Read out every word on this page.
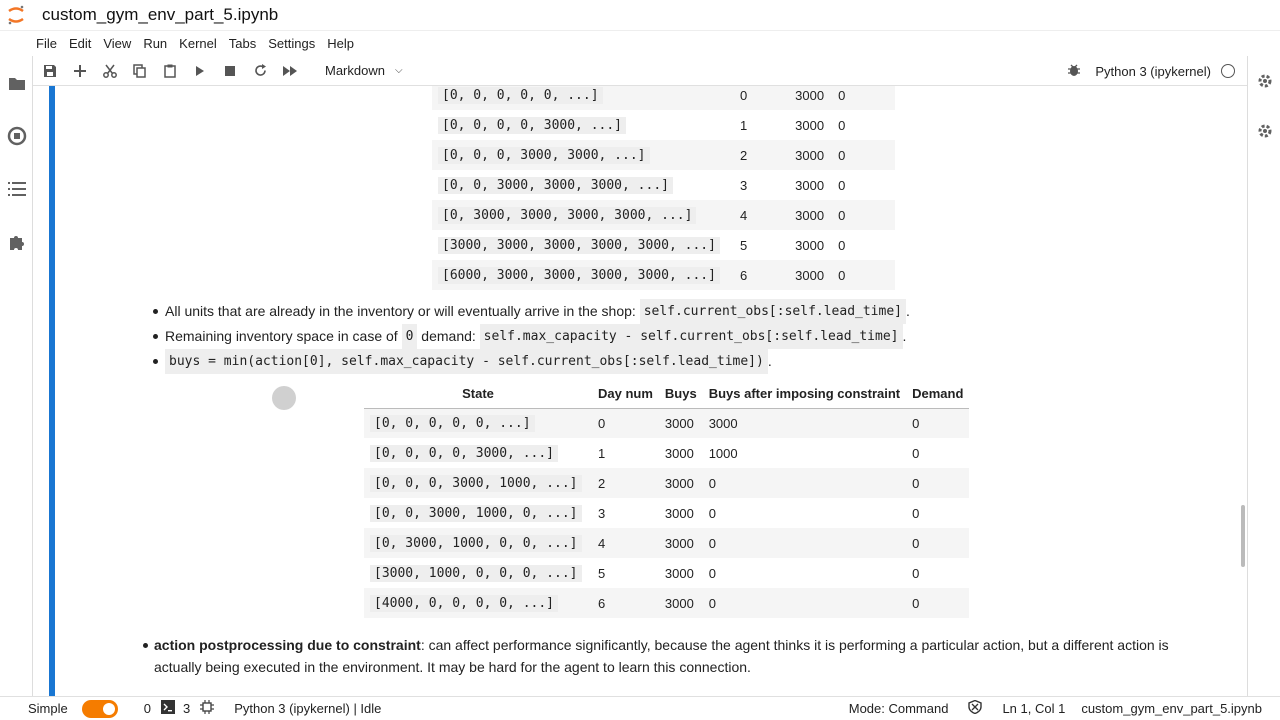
custom_gym_env_part_5.ipynb
File Edit View Run Kernel Tabs Settings Help
Markdown ⌵	Python 3 (ipykernel)
[0, 0, 0, 0, 0, ...]	0	3000	0
[0, 0, 0, 0, 3000, ...]	1	3000	0
[0, 0, 0, 3000, 3000, ...]	2	3000	0
[0, 0, 3000, 3000, 3000, ...]	3	3000	0
[0, 3000, 3000, 3000, 3000, ...]	4	3000	0
[3000, 3000, 3000, 3000, 3000, ...]	5	3000	0
[6000, 3000, 3000, 3000, 3000, ...]	6	3000	0
All units that are already in the inventory or will eventually arrive in the shop:
self.current_obs[:self.lead_time] .
Remaining inventory space in case of
0
demand:
self.max_capacity - self.current_obs[:self.lead_time] .
buys = min(action[0], self.max_capacity - self.current_obs[:self.lead_time]) .
State	Day num	Buys	Buys after imposing constraint	Demand
[0, 0, 0, 0, 0, ...]	0	3000	3000	0
[0, 0, 0, 0, 3000, ...]	1	3000	1000	0
[0, 0, 0, 3000, 1000, ...]	2	3000	0	0
[0, 0, 3000, 1000, 0, ...]	3	3000	0	0
[0, 3000, 1000, 0, 0, ...]	4	3000	0	0
[3000, 1000, 0, 0, 0, ...]	5	3000	0	0
[4000, 0, 0, 0, 0, ...]	6	3000	0	0
action postprocessing due to constraint: can affect performance significantly, because the agent thinks it is performing a particular action, but a different action is actually being executed in the environment. It may be hard for the agent to learn this connection.
Simple	0 3	Python 3 (ipykernel) | Idle	Mode: Command	Ln 1, Col 1 custom_gym_env_part_5.ipynb
